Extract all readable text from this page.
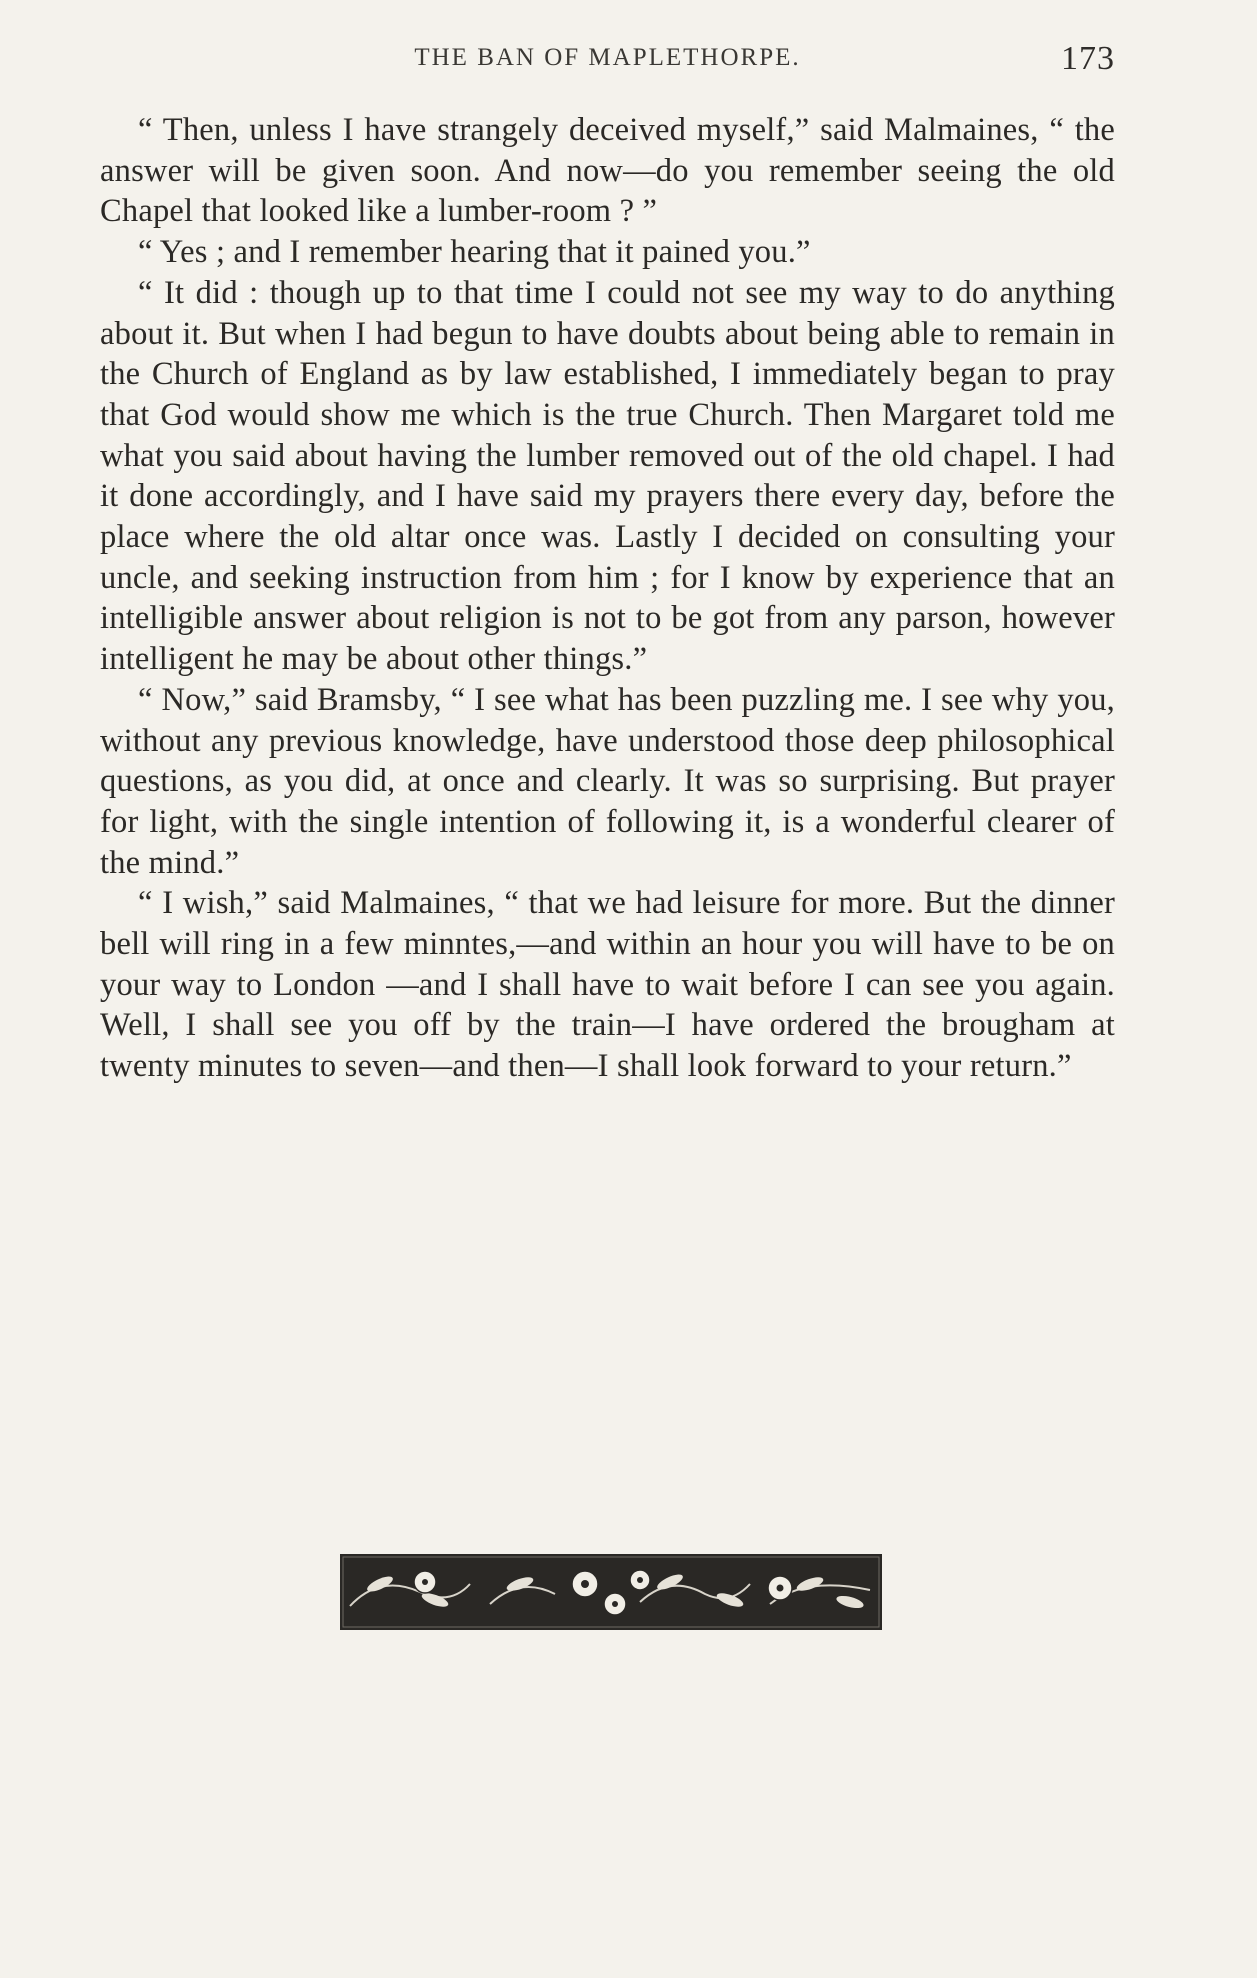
THE BAN OF MAPLETHORPE.	173

“ Then, unless I have strangely deceived myself,” said Malmaines, “ the answer will be given soon. And now—do you remember seeing the old Chapel that looked like a lumber-room ? ”

“ Yes ; and I remember hearing that it pained you.”

“ It did : though up to that time I could not see my way to do anything about it. But when I had begun to have doubts about being able to remain in the Church of England as by law established, I immediately began to pray that God would show me which is the true Church. Then Margaret told me what you said about having the lumber removed out of the old chapel. I had it done accordingly, and I have said my prayers there every day, before the place where the old altar once was. Lastly I decided on consulting your uncle, and seeking instruction from him ; for I know by experience that an intelligible answer about religion is not to be got from any parson, however intelligent he may be about other things.”

“ Now,” said Bramsby, “ I see what has been puzzling me. I see why you, without any previous knowledge, have understood those deep philosophical questions, as you did, at once and clearly. It was so surprising. But prayer for light, with the single intention of following it, is a wonderful clearer of the mind.”

“ I wish,” said Malmaines, “ that we had leisure for more. But the dinner bell will ring in a few minntes,—and within an hour you will have to be on your way to London —and I shall have to wait before I can see you again. Well, I shall see you off by the train—I have ordered the brougham at twenty minutes to seven—and then—I shall look forward to your return.”
